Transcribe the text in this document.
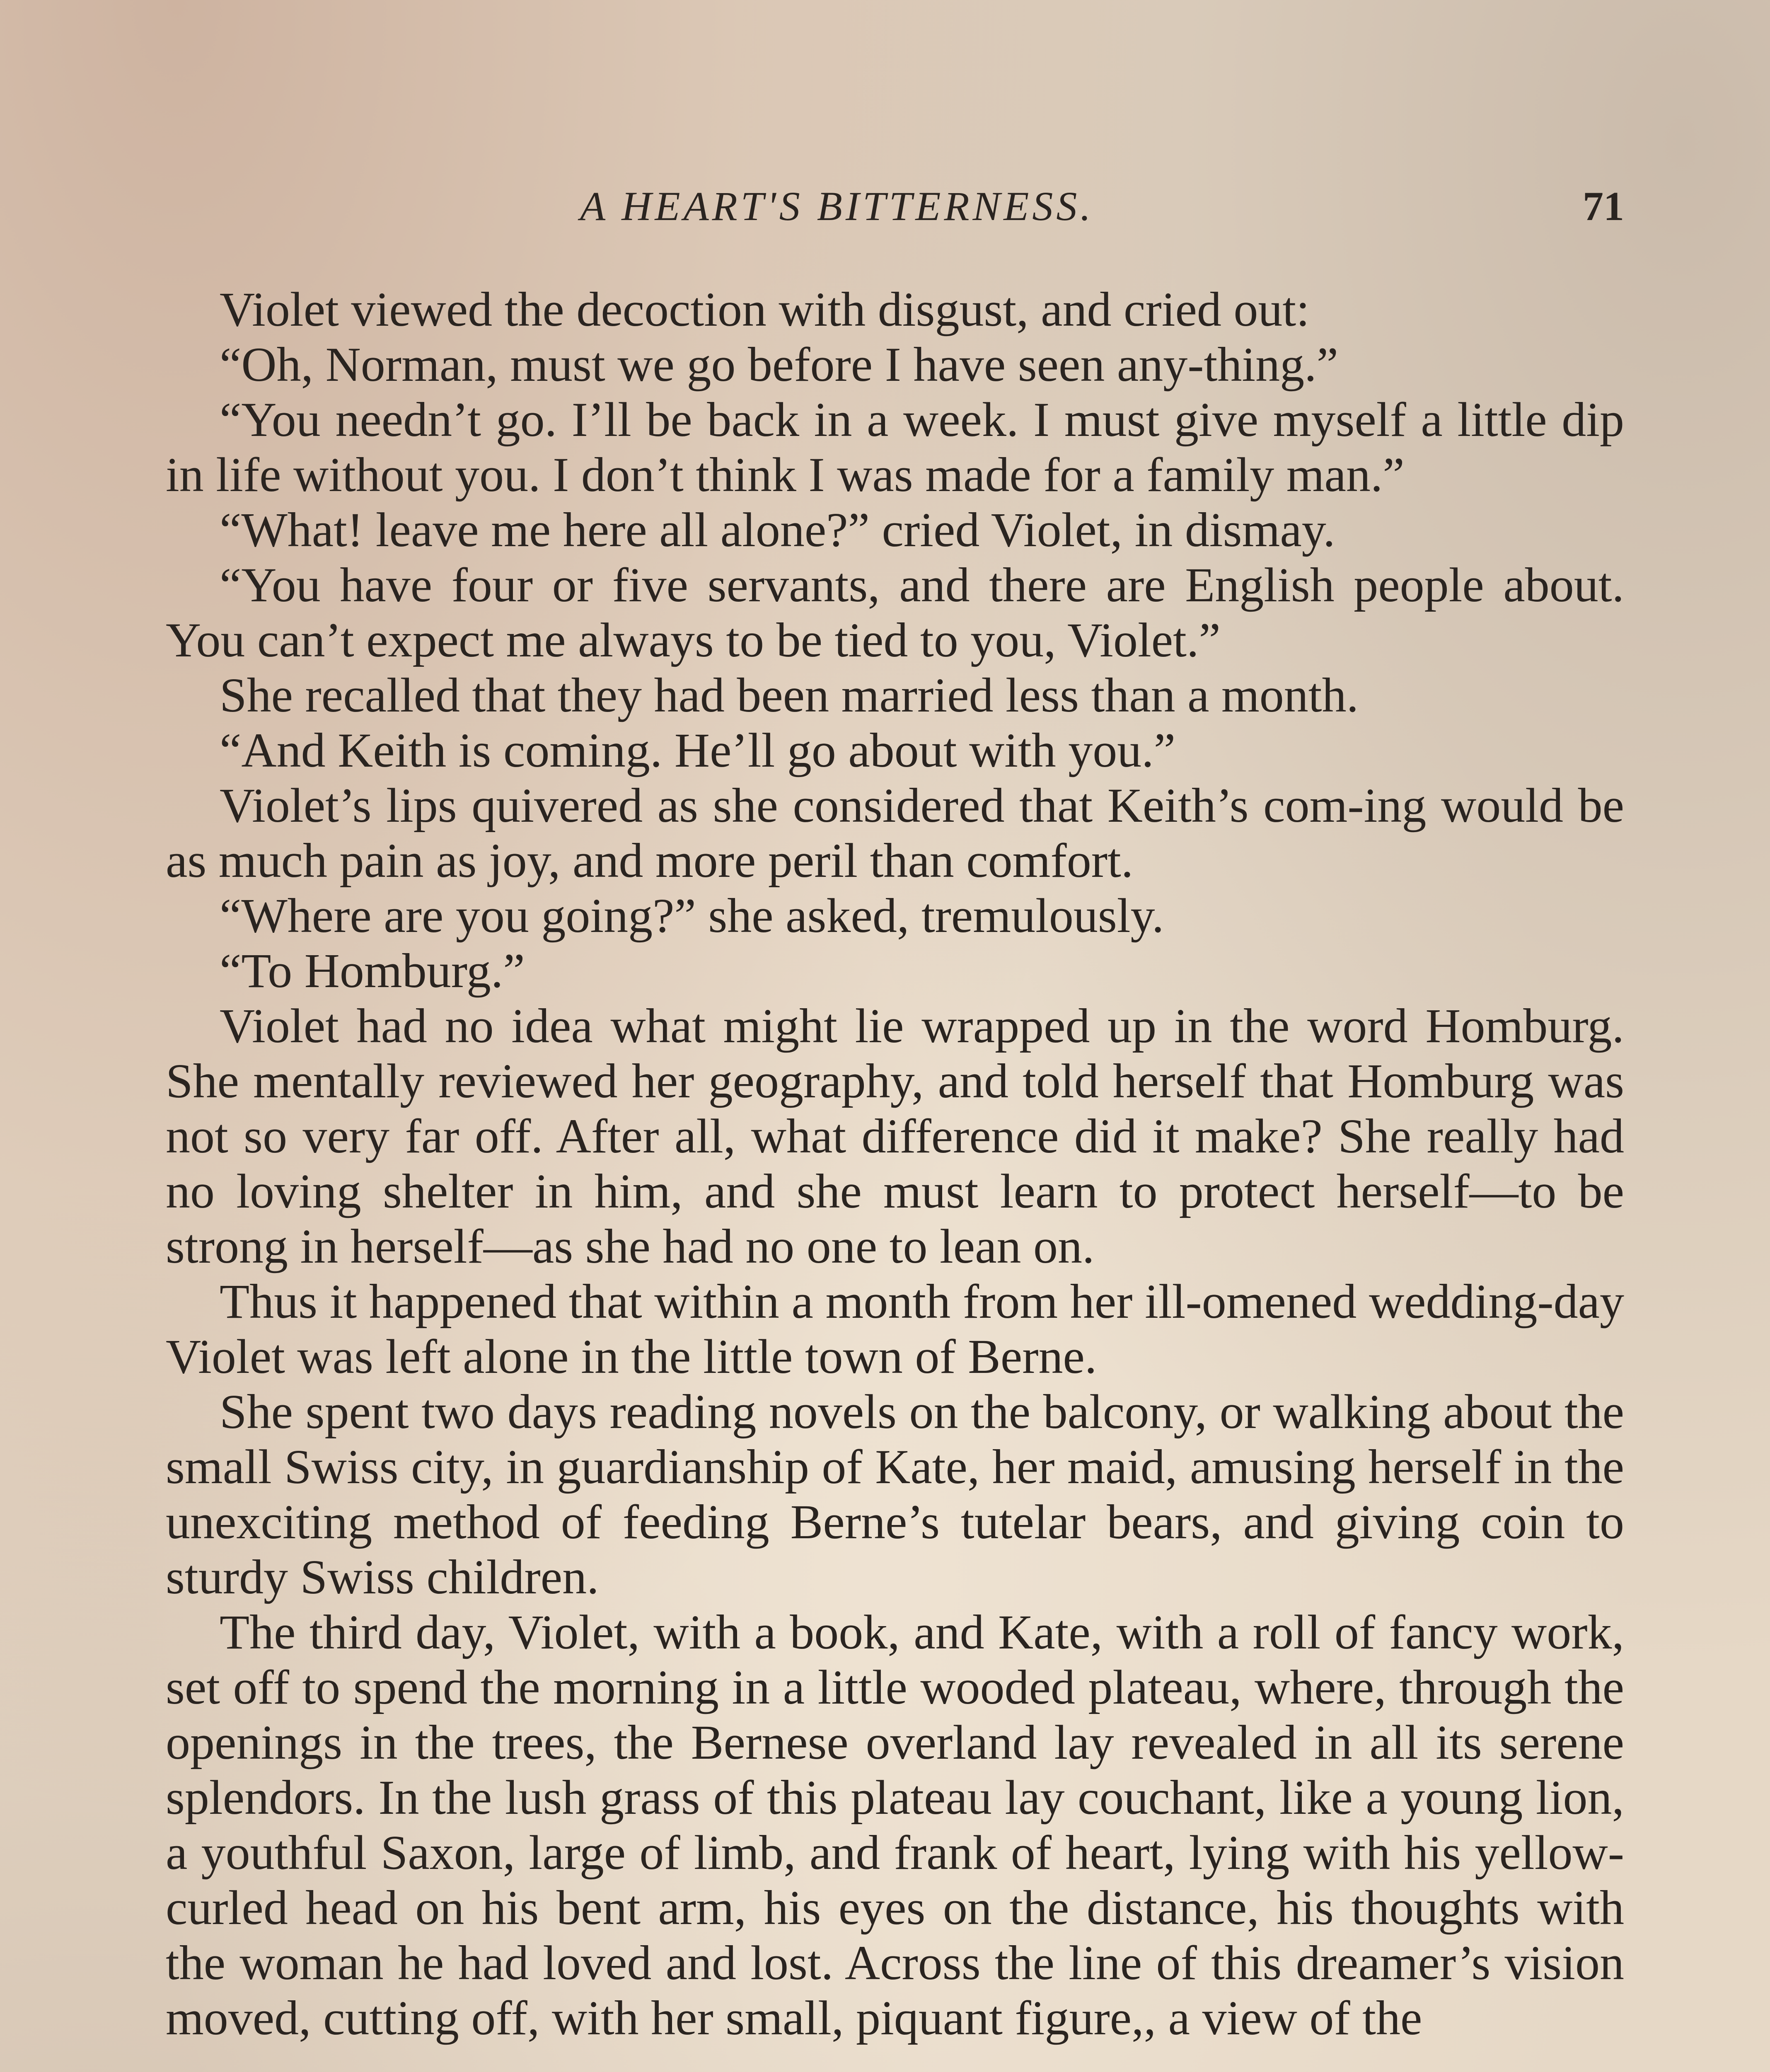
A HEART'S BITTERNESS.	71

Violet viewed the decoction with disgust, and cried out:

“Oh, Norman, must we go before I have seen any-thing.”

“You needn’t go. I’ll be back in a week. I must give myself a little dip in life without you. I don’t think I was made for a family man.”

“What! leave me here all alone?” cried Violet, in dismay.

“You have four or five servants, and there are English people about. You can’t expect me always to be tied to you, Violet.”

She recalled that they had been married less than a month.

“And Keith is coming. He’ll go about with you.”

Violet’s lips quivered as she considered that Keith’s com-ing would be as much pain as joy, and more peril than comfort.

“Where are you going?” she asked, tremulously.

“To Homburg.”

Violet had no idea what might lie wrapped up in the word Homburg. She mentally reviewed her geography, and told herself that Homburg was not so very far off. After all, what difference did it make? She really had no loving shelter in him, and she must learn to protect herself—to be strong in herself—as she had no one to lean on.

Thus it happened that within a month from her ill-omened wedding-day Violet was left alone in the little town of Berne.

She spent two days reading novels on the balcony, or walking about the small Swiss city, in guardianship of Kate, her maid, amusing herself in the unexciting method of feeding Berne’s tutelar bears, and giving coin to sturdy Swiss children.

The third day, Violet, with a book, and Kate, with a roll of fancy work, set off to spend the morning in a little wooded plateau, where, through the openings in the trees, the Bernese overland lay revealed in all its serene splendors. In the lush grass of this plateau lay couchant, like a young lion, a youthful Saxon, large of limb, and frank of heart, lying with his yellow-curled head on his bent arm, his eyes on the distance, his thoughts with the woman he had loved and lost. Across the line of this dreamer’s vision moved, cutting off, with her small, piquant figure,, a view of the
